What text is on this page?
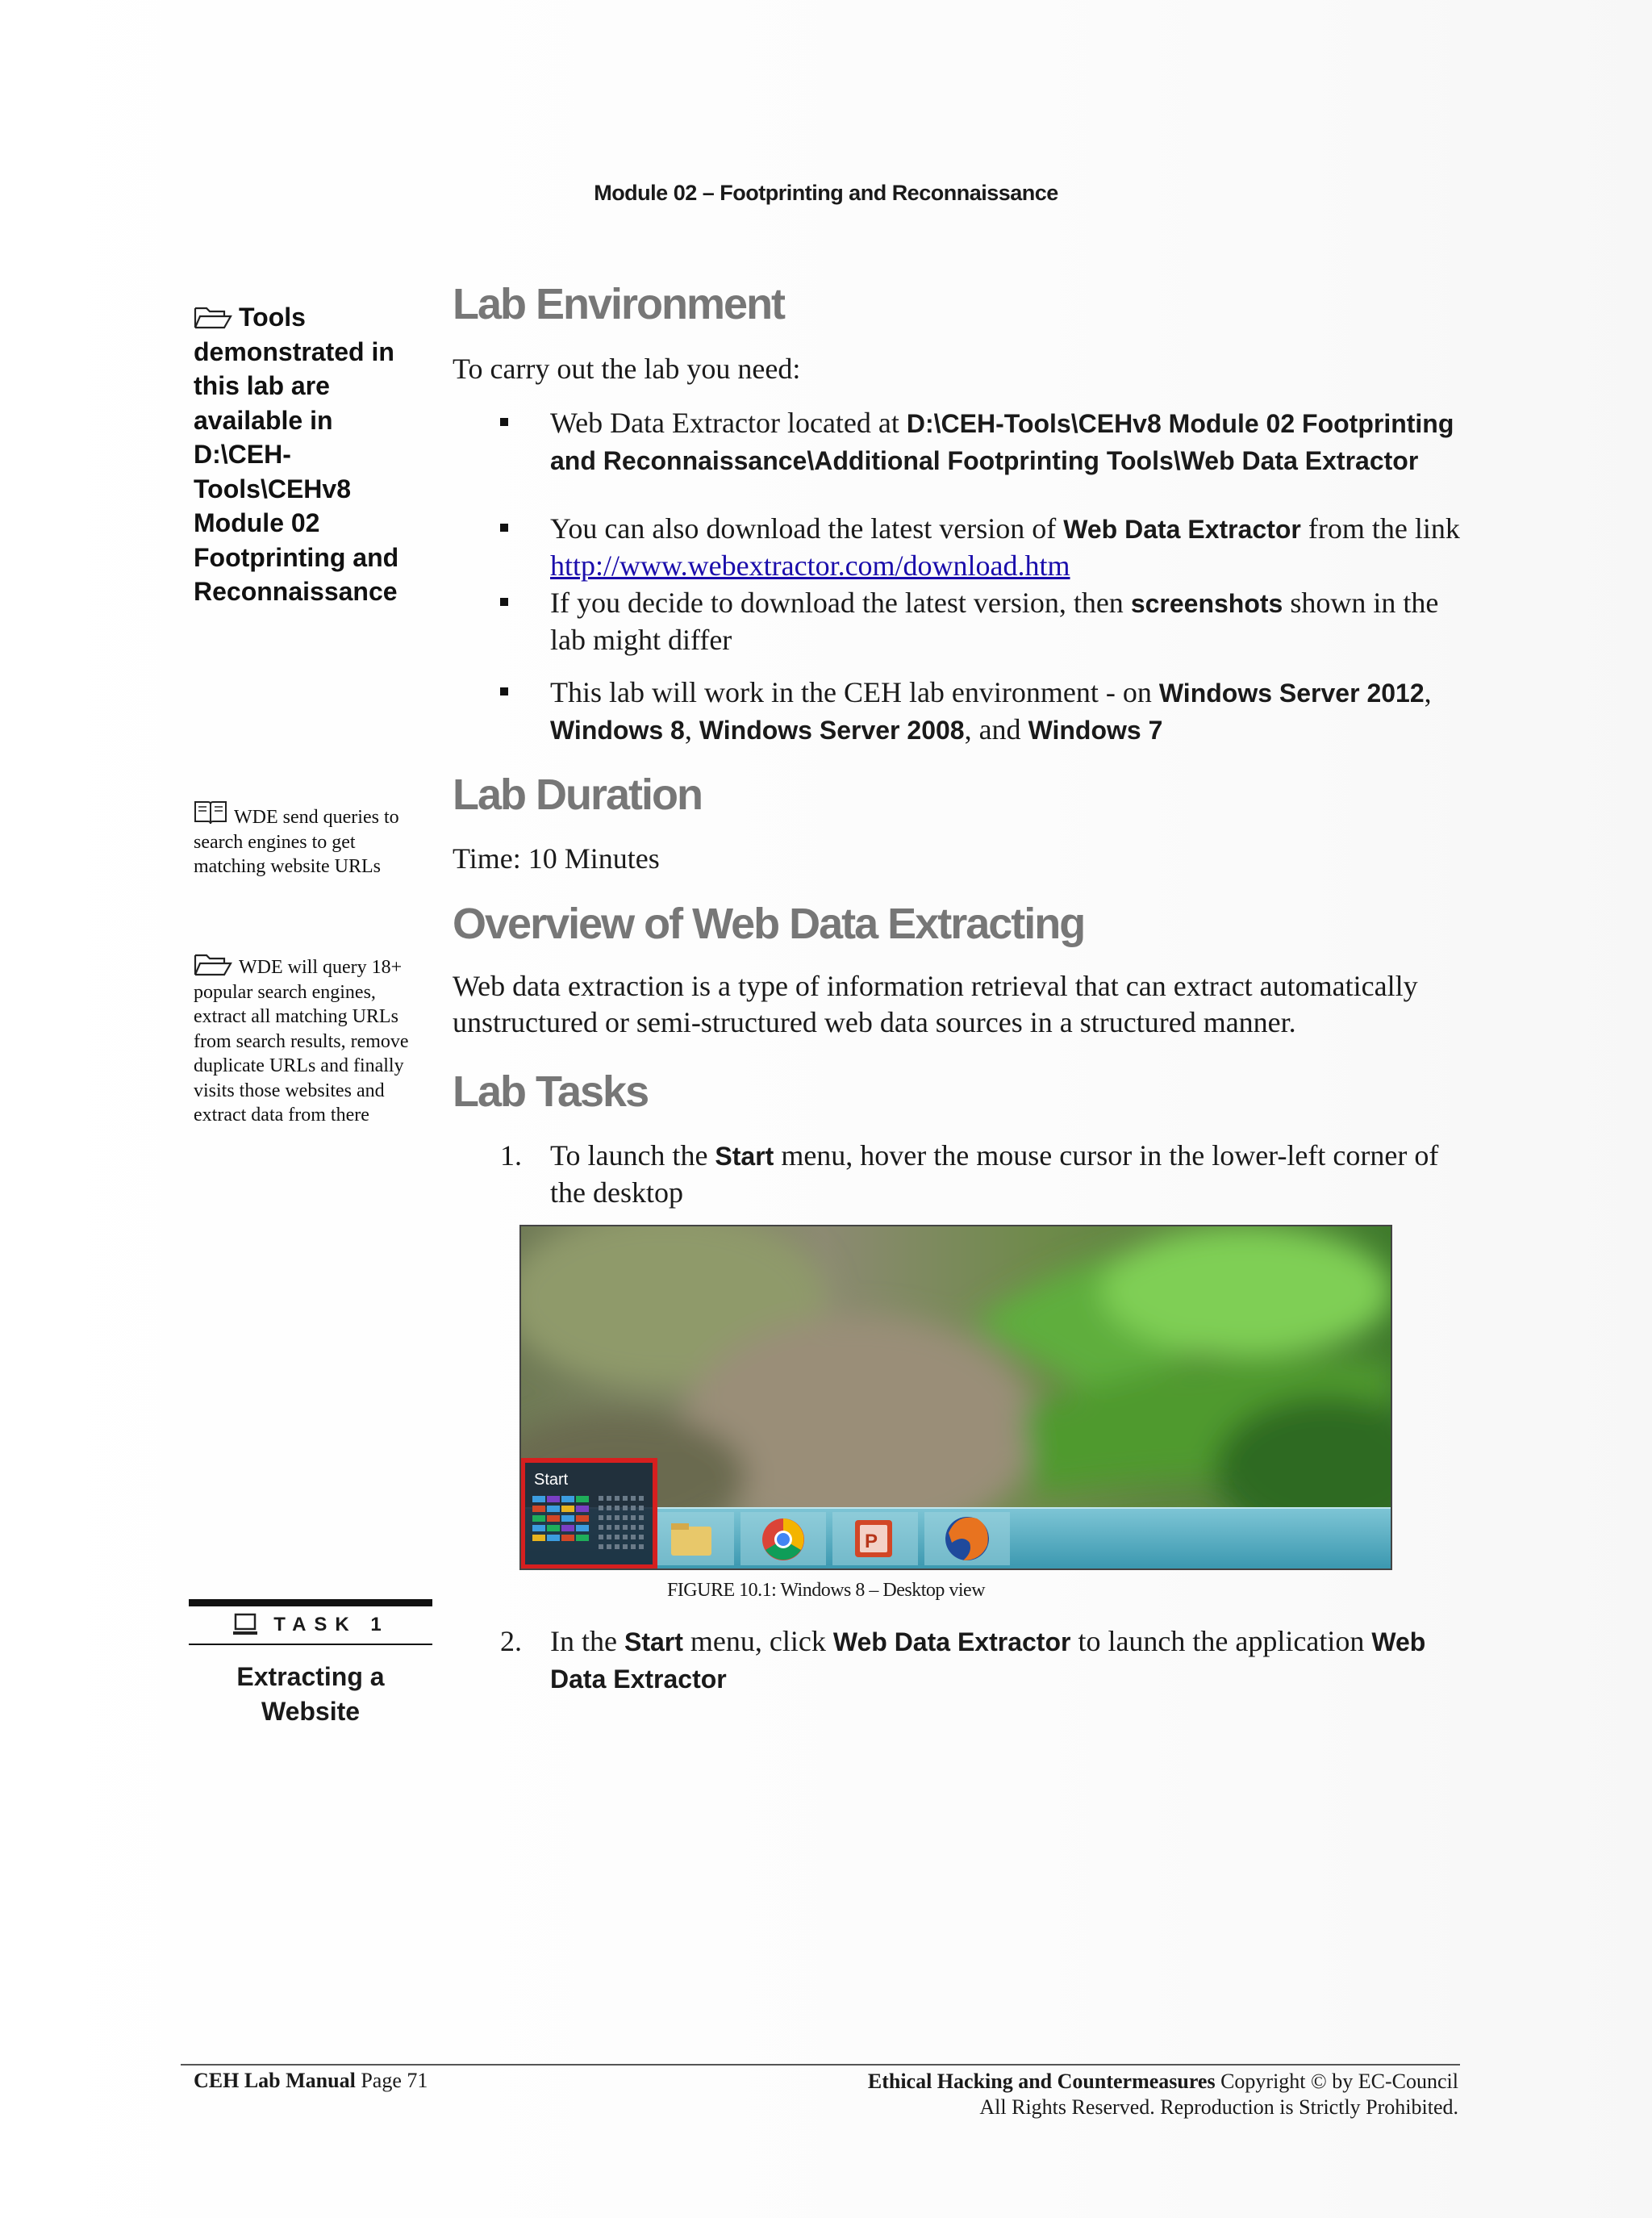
Module 02 – Footprinting and Reconnaissance
Tools demonstrated in this lab are available in D:\CEH-Tools\CEHv8 Module 02 Footprinting and Reconnaissance
WDE send queries to search engines to get matching website URLs
WDE will query 18+ popular search engines, extract all matching URLs from search results, remove duplicate URLs and finally visits those websites and extract data from there
Lab Environment
To carry out the lab you need:
Web Data Extractor located at D:\CEH-Tools\CEHv8 Module 02 Footprinting and Reconnaissance\Additional Footprinting Tools\Web Data Extractor
You can also download the latest version of Web Data Extractor from the link http://www.webextractor.com/download.htm
If you decide to download the latest version, then screenshots shown in the lab might differ
This lab will work in the CEH lab environment - on Windows Server 2012, Windows 8, Windows Server 2008, and Windows 7
Lab Duration
Time: 10 Minutes
Overview of Web Data Extracting
Web data extraction is a type of information retrieval that can extract automatically unstructured or semi-structured web data sources in a structured manner.
Lab Tasks
1. To launch the Start menu, hover the mouse cursor in the lower-left corner of the desktop
P
Start
FIGURE 10.1: Windows 8 – Desktop view
TASK 1
Extracting a Website
2. In the Start menu, click Web Data Extractor to launch the application Web Data Extractor
CEH Lab Manual Page 71	Ethical Hacking and Countermeasures Copyright © by EC-Council
All Rights Reserved. Reproduction is Strictly Prohibited.
